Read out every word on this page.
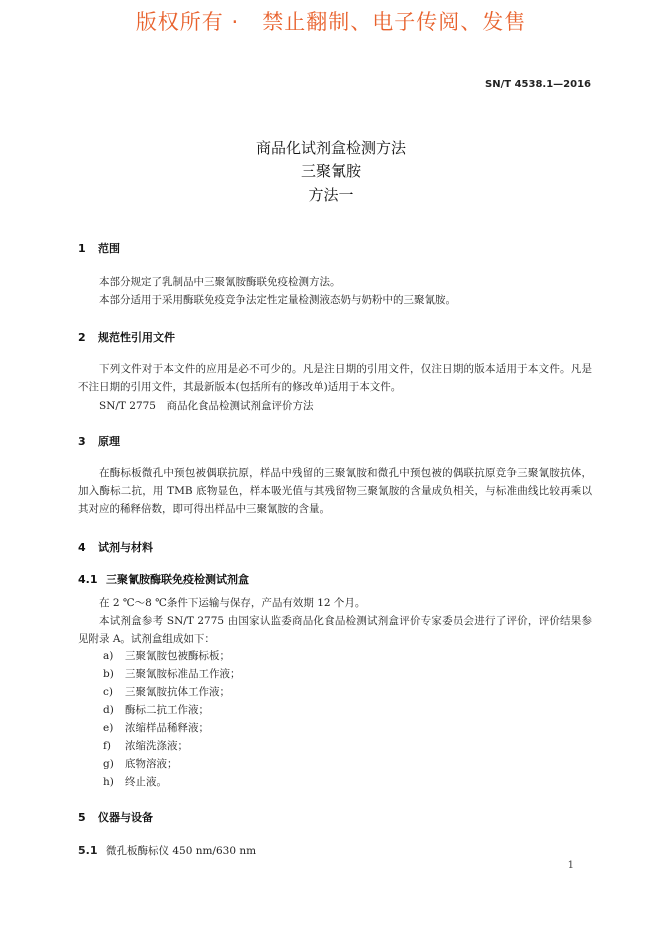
版权所有 ·   禁止翻制、电子传阅、发售
SN/T 4538.1—2016
商品化试剂盒检测方法
三聚氰胺
方法一
1 范围
本部分规定了乳制品中三聚氰胺酶联免疫检测方法。
本部分适用于采用酶联免疫竞争法定性定量检测液态奶与奶粉中的三聚氰胺。
2 规范性引用文件
下列文件对于本文件的应用是必不可少的。凡是注日期的引用文件，仅注日期的版本适用于本文件。凡是不注日期的引用文件，其最新版本(包括所有的修改单)适用于本文件。
SN/T 2775　商品化食品检测试剂盒评价方法
3 原理
在酶标板微孔中预包被偶联抗原，样品中残留的三聚氰胺和微孔中预包被的偶联抗原竞争三聚氰胺抗体，加入酶标二抗，用 TMB 底物显色，样本吸光值与其残留物三聚氰胺的含量成负相关，与标准曲线比较再乘以其对应的稀释倍数，即可得出样品中三聚氰胺的含量。
4 试剂与材料
4.1 三聚氰胺酶联免疫检测试剂盒
在 2 ℃～8 ℃条件下运输与保存，产品有效期 12 个月。
本试剂盒参考 SN/T 2775 由国家认监委商品化食品检测试剂盒评价专家委员会进行了评价，评价结果参见附录 A。试剂盒组成如下：
a) 三聚氰胺包被酶标板；
b) 三聚氰胺标准品工作液；
c) 三聚氰胺抗体工作液；
d) 酶标二抗工作液；
e) 浓缩样品稀释液；
f) 浓缩洗涤液；
g) 底物溶液；
h) 终止液。
5 仪器与设备
5.1 微孔板酶标仪 450 nm/630 nm
1
